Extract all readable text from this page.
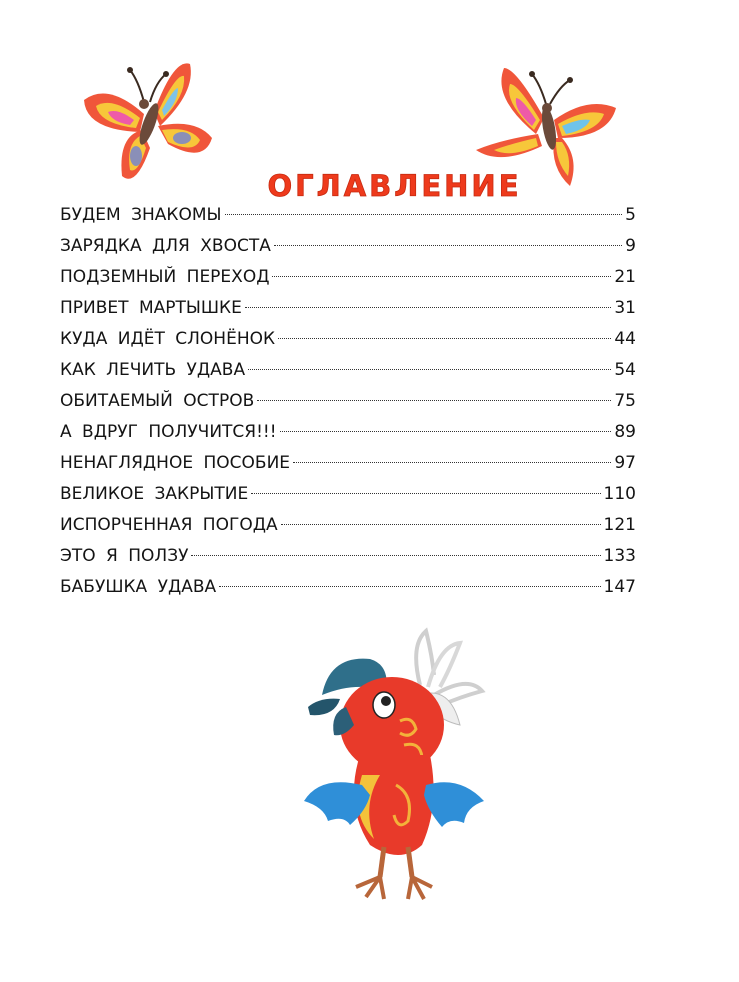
ОГЛАВЛЕНИЕ
БУДЕМ ЗНАКОМЫ	5
ЗАРЯДКА ДЛЯ ХВОСТА	9
ПОДЗЕМНЫЙ ПЕРЕХОД	21
ПРИВЕТ МАРТЫШКЕ	31
КУДА ИДЁТ СЛОНЁНОК	44
КАК ЛЕЧИТЬ УДАВА	54
ОБИТАЕМЫЙ ОСТРОВ	75
А ВДРУГ ПОЛУЧИТСЯ!!!	89
НЕНАГЛЯДНОЕ ПОСОБИЕ	97
ВЕЛИКОЕ ЗАКРЫТИЕ	110
ИСПОРЧЕННАЯ ПОГОДА	121
ЭТО Я ПОЛЗУ	133
БАБУШКА УДАВА	147
